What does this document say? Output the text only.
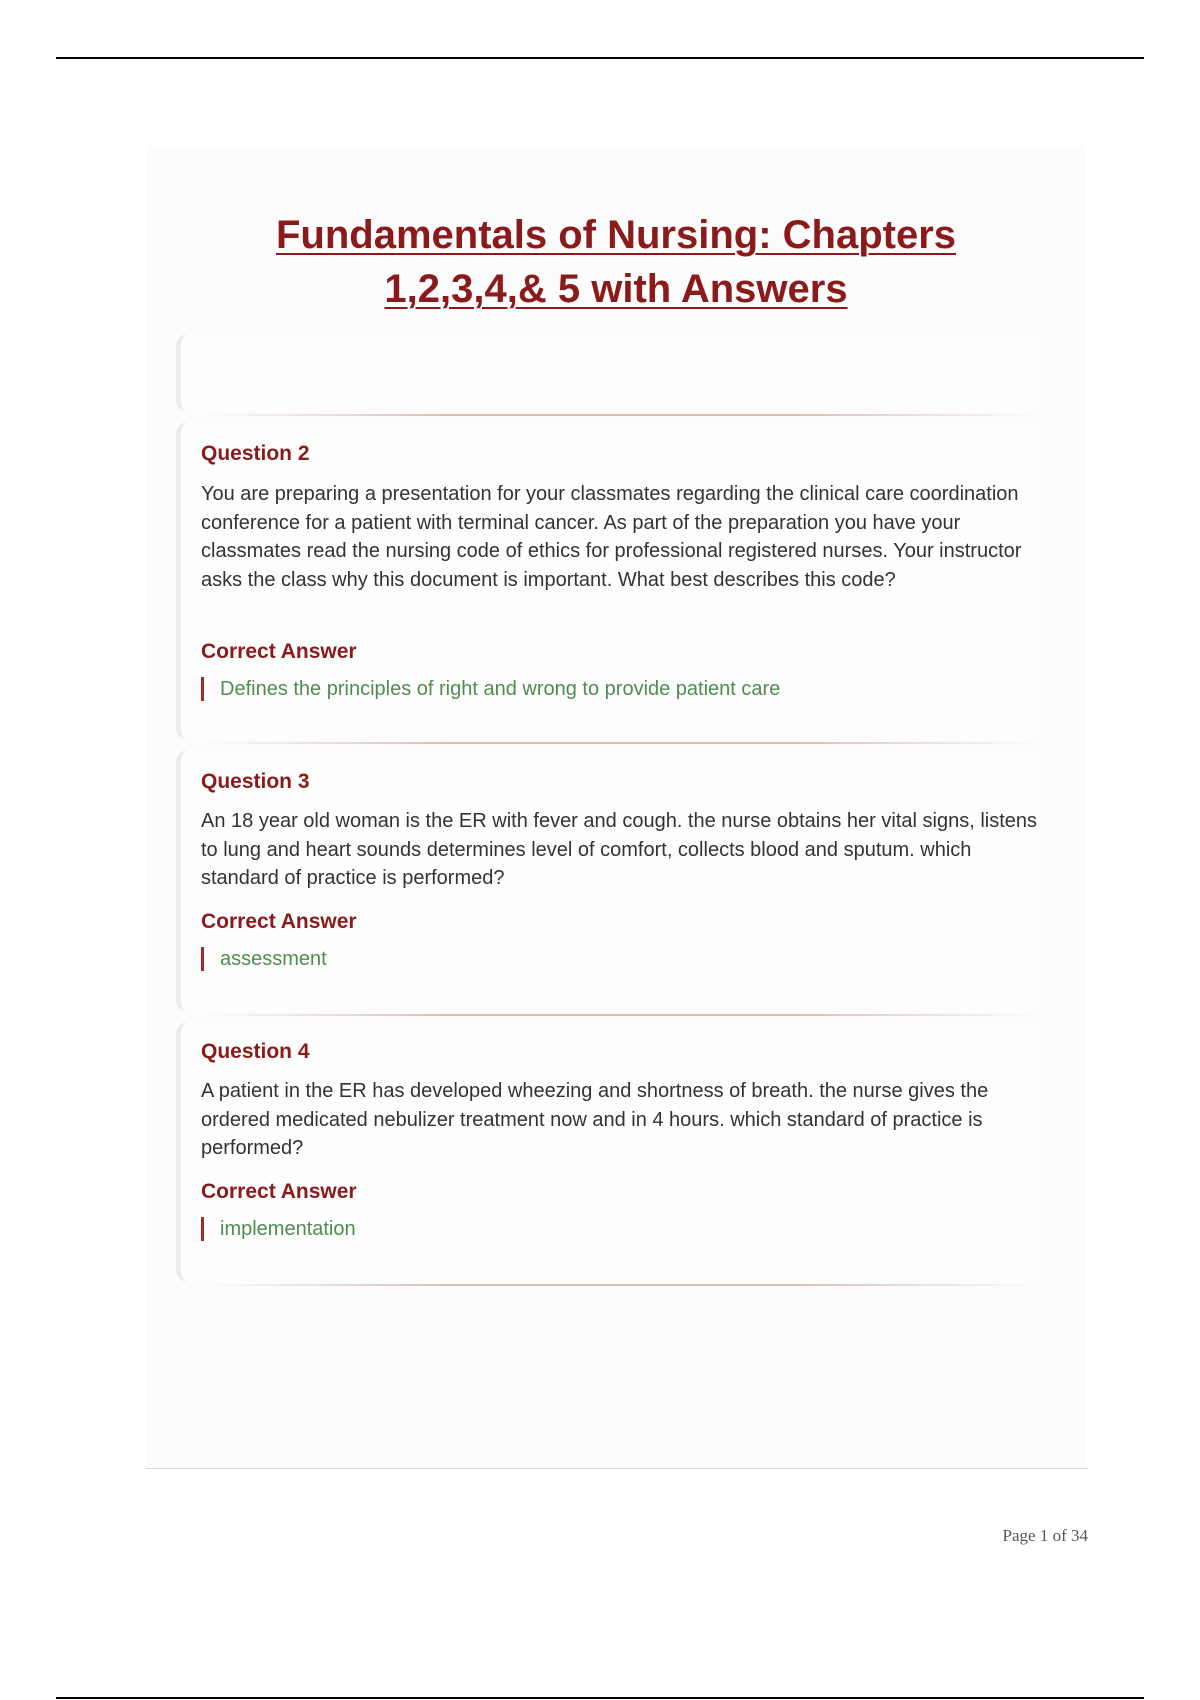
Fundamentals of Nursing: Chapters
1,2,3,4,& 5 with Answers
Question 2
You are preparing a presentation for your classmates regarding the clinical care coordination conference for a patient with terminal cancer. As part of the preparation you have your classmates read the nursing code of ethics for professional registered nurses. Your instructor asks the class why this document is important. What best describes this code?
Correct Answer
Defines the principles of right and wrong to provide patient care
Question 3
An 18 year old woman is the ER with fever and cough. the nurse obtains her vital signs, listens to lung and heart sounds determines level of comfort, collects blood and sputum. which standard of practice is performed?
Correct Answer
assessment
Question 4
A patient in the ER has developed wheezing and shortness of breath. the nurse gives the ordered medicated nebulizer treatment now and in 4 hours. which standard of practice is performed?
Correct Answer
implementation
Page 1 of 34
